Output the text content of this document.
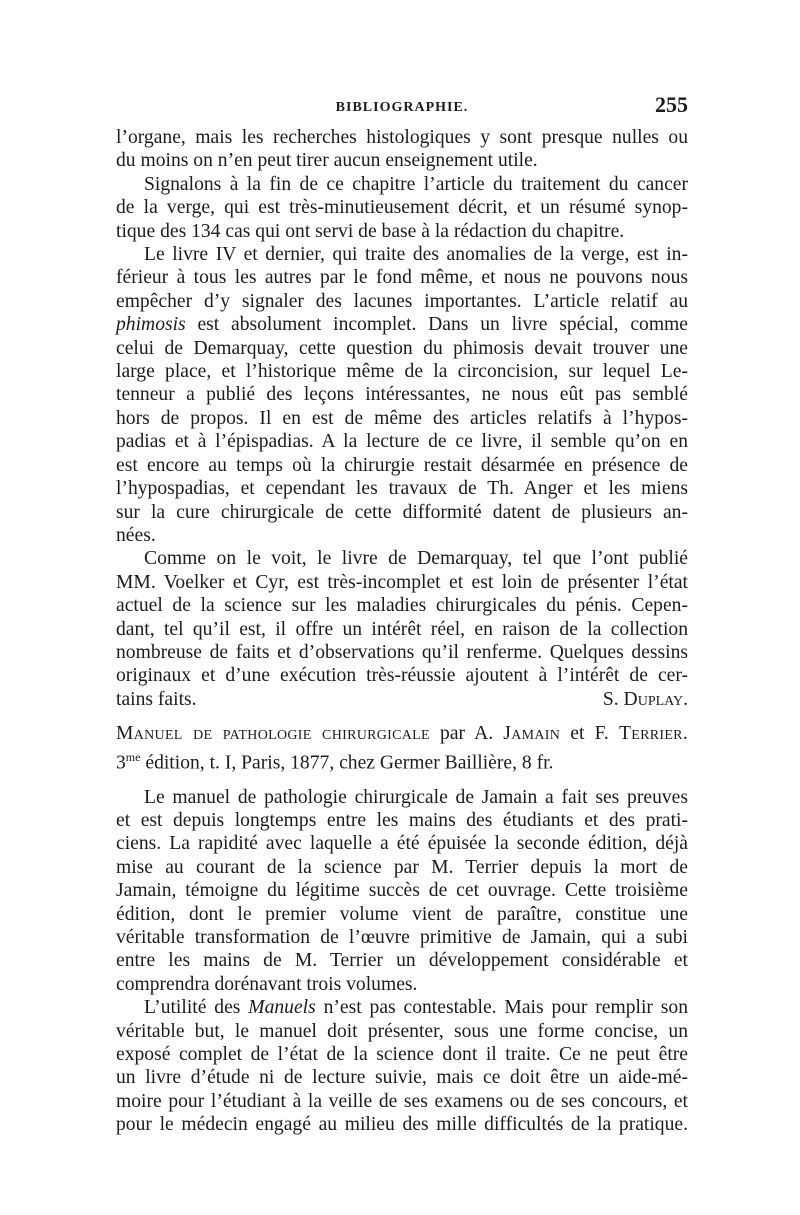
BIBLIOGRAPHIE.	255

l’organe, mais les recherches histologiques y sont presque nulles ou
du moins on n’en peut tirer aucun enseignement utile.

Signalons à la fin de ce chapitre l’article du traitement du cancer
de la verge, qui est très-minutieusement décrit, et un résumé synop-
tique des 134 cas qui ont servi de base à la rédaction du chapitre.

Le livre IV et dernier, qui traite des anomalies de la verge, est in-
férieur à tous les autres par le fond même, et nous ne pouvons nous
empêcher d’y signaler des lacunes importantes. L’article relatif au
phimosis est absolument incomplet. Dans un livre spécial, comme
celui de Demarquay, cette question du phimosis devait trouver une
large place, et l’historique même de la circoncision, sur lequel Le-
tenneur a publié des leçons intéressantes, ne nous eût pas semblé
hors de propos. Il en est de même des articles relatifs à l’hypos-
padias et à l’épispadias. A la lecture de ce livre, il semble qu’on en
est encore au temps où la chirurgie restait désarmée en présence de
l’hypospadias, et cependant les travaux de Th. Anger et les miens
sur la cure chirurgicale de cette difformité datent de plusieurs an-
nées.

Comme on le voit, le livre de Demarquay, tel que l’ont publié
MM. Voelker et Cyr, est très-incomplet et est loin de présenter l’état
actuel de la science sur les maladies chirurgicales du pénis. Cepen-
dant, tel qu’il est, il offre un intérêt réel, en raison de la collection
nombreuse de faits et d’observations qu’il renferme. Quelques dessins
originaux et d’une exécution très-réussie ajoutent à l’intérêt de cer-
tains faits.	S. Duplay.

Manuel de pathologie chirurgicale par A. Jamain et F. Terrier.
$3^{me}$ édition, t. I, Paris, 1877, chez Germer Baillière, 8 fr.

Le manuel de pathologie chirurgicale de Jamain a fait ses preuves
et est depuis longtemps entre les mains des étudiants et des prati-
ciens. La rapidité avec laquelle a été épuisée la seconde édition, déjà
mise au courant de la science par M. Terrier depuis la mort de
Jamain, témoigne du légitime succès de cet ouvrage. Cette troisième
édition, dont le premier volume vient de paraître, constitue une
véritable transformation de l’œuvre primitive de Jamain, qui a subi
entre les mains de M. Terrier un développement considérable et
comprendra dorénavant trois volumes.

L’utilité des Manuels n’est pas contestable. Mais pour remplir son
véritable but, le manuel doit présenter, sous une forme concise, un
exposé complet de l’état de la science dont il traite. Ce ne peut être
un livre d’étude ni de lecture suivie, mais ce doit être un aide-mé-
moire pour l’étudiant à la veille de ses examens ou de ses concours, et
pour le médecin engagé au milieu des mille difficultés de la pratique.
